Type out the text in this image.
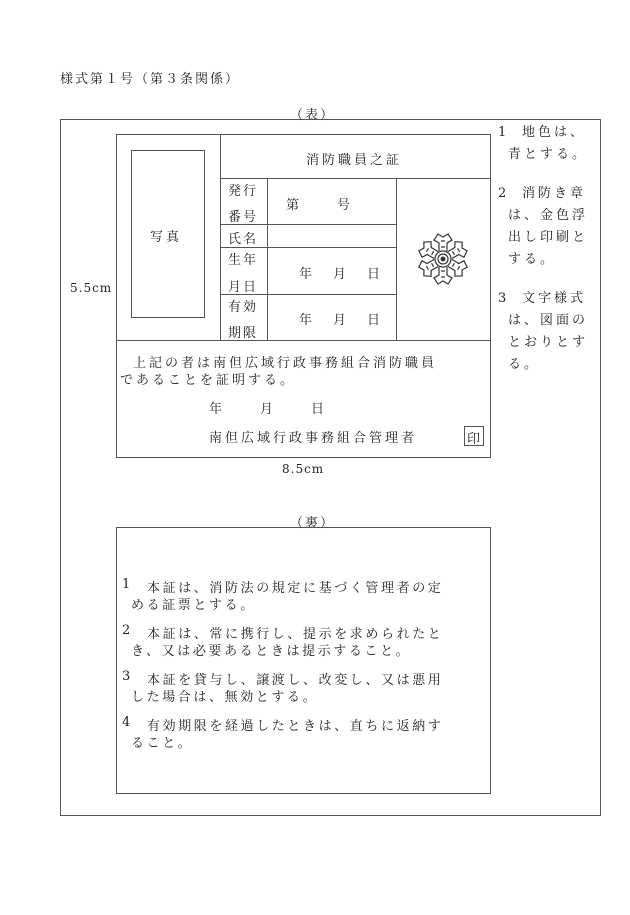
様式第１号（第３条関係）
（表）
5.5cm
8.5cm
写真
消防職員之証
発行
番号
氏名
生年
月日
有効
期限
第　　号
年　月　日
年　月　日
上記の者は南但広域行政事務組合消防職員
であることを証明する。
年　　月　　日
南但広域行政事務組合管理者	印
1 地色は、
青とする。
2 消防き章
は、金色浮
出し印刷と
する。
3 文字様式
は、図面の
とおりとす
る。
（裏）
1 本証は、消防法の規定に基づく管理者の定
める証票とする。
2 本証は、常に携行し、提示を求められたと
き、又は必要あるときは提示すること。
3 本証を貸与し、譲渡し、改変し、又は悪用
した場合は、無効とする。
4 有効期限を経過したときは、直ちに返納す
ること。
